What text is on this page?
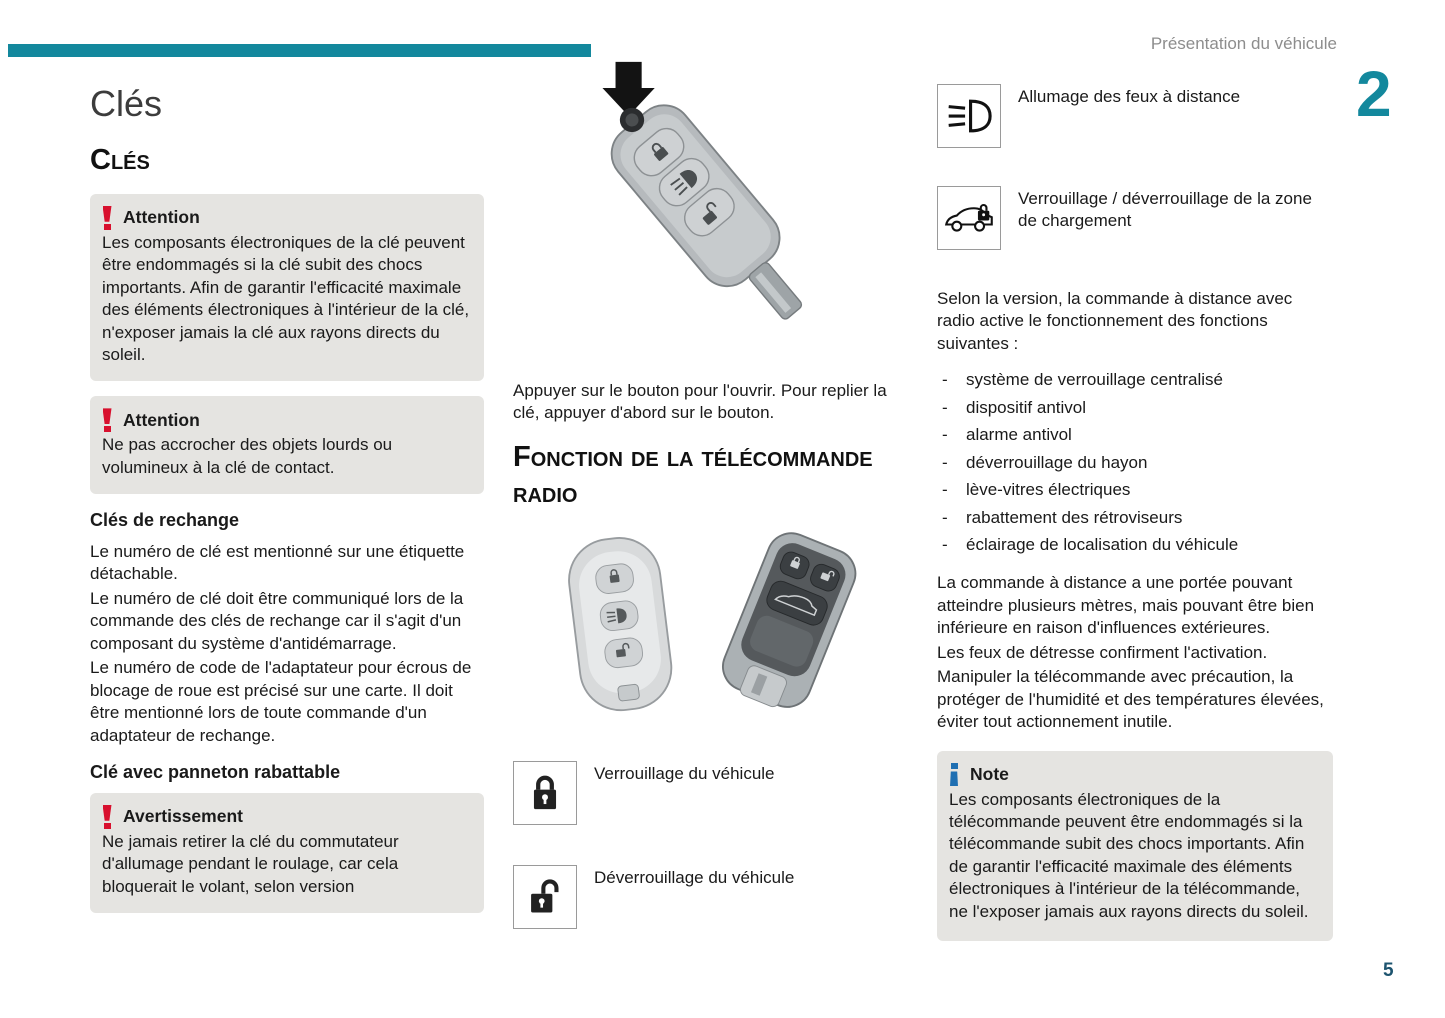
Présentation du véhicule
2
5
Clés
Clés
Attention
Les composants électroniques de la clé peuvent être endommagés si la clé subit des chocs importants. Afin de garantir l'efficacité maximale des éléments électroniques à l'intérieur de la clé, n'exposer jamais la clé aux rayons directs du soleil.
Attention
Ne pas accrocher des objets lourds ou volumineux à la clé de contact.
Clés de rechange
Le numéro de clé est mentionné sur une étiquette détachable.
Le numéro de clé doit être communiqué lors de la commande des clés de rechange car il s'agit d'un composant du système d'antidémarrage.
Le numéro de code de l'adaptateur pour écrous de blocage de roue est précisé sur une carte. Il doit être mentionné lors de toute commande d'un adaptateur de rechange.
Clé avec panneton rabattable
Avertissement
Ne jamais retirer la clé du commutateur d'allumage pendant le roulage, car cela bloquerait le volant, selon version
Appuyer sur le bouton pour l'ouvrir. Pour replier la clé, appuyer d'abord sur le bouton.
Fonction de la télécommande radio
Verrouillage du véhicule
Déverrouillage du véhicule
Allumage des feux à distance
Verrouillage / déverrouillage de la zone de chargement
Selon la version, la commande à distance avec radio active le fonctionnement des fonctions suivantes :
- système de verrouillage centralisé
- dispositif antivol
- alarme antivol
- déverrouillage du hayon
- lève-vitres électriques
- rabattement des rétroviseurs
- éclairage de localisation du véhicule
La commande à distance a une portée pouvant atteindre plusieurs mètres, mais pouvant être bien inférieure en raison d'influences extérieures.
Les feux de détresse confirment l'activation.
Manipuler la télécommande avec précaution, la protéger de l'humidité et des températures élevées, éviter tout actionnement inutile.
Note
Les composants électroniques de la télécommande peuvent être endommagés si la télécommande subit des chocs importants. Afin de garantir l'efficacité maximale des éléments électroniques à l'intérieur de la télécommande, ne l'exposer jamais aux rayons directs du soleil.
